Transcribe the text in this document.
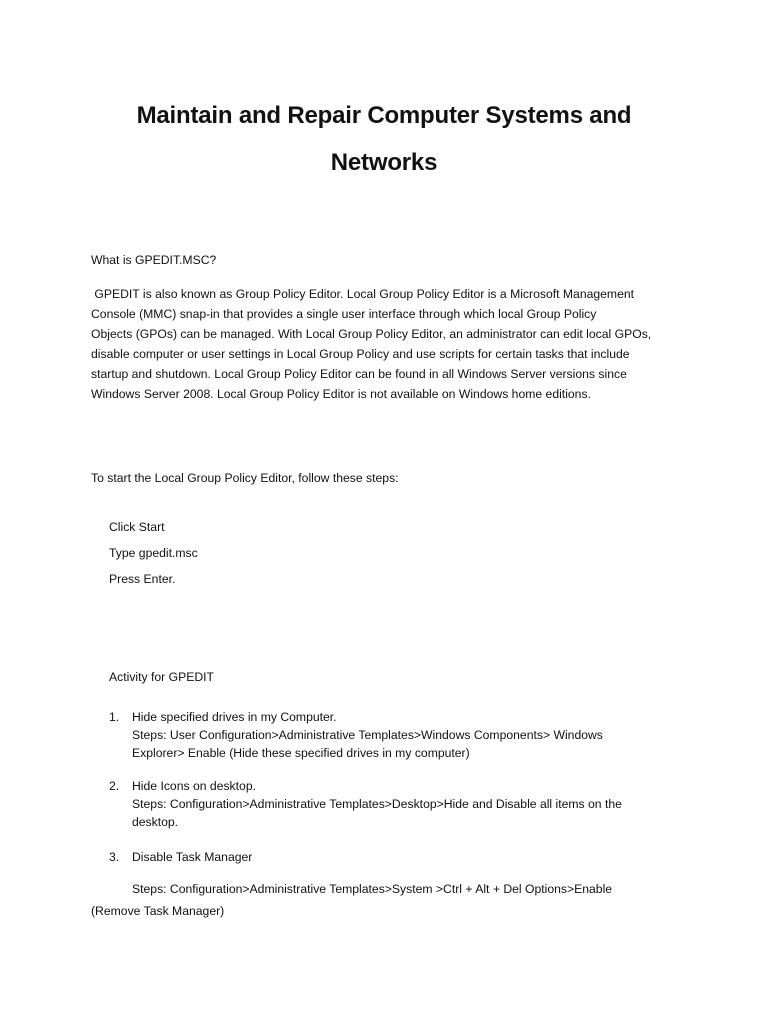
Maintain and Repair Computer Systems and
Networks
What is GPEDIT.MSC?
GPEDIT is also known as Group Policy Editor. Local Group Policy Editor is a Microsoft Management
Console (MMC) snap-in that provides a single user interface through which local Group Policy
Objects (GPOs) can be managed. With Local Group Policy Editor, an administrator can edit local GPOs,
disable computer or user settings in Local Group Policy and use scripts for certain tasks that include
startup and shutdown. Local Group Policy Editor can be found in all Windows Server versions since
Windows Server 2008. Local Group Policy Editor is not available on Windows home editions.
To start the Local Group Policy Editor, follow these steps:
Click Start
Type gpedit.msc
Press Enter.
Activity for GPEDIT
1. Hide specified drives in my Computer.
Steps: User Configuration>Administrative Templates>Windows Components> Windows
Explorer> Enable (Hide these specified drives in my computer)
2. Hide Icons on desktop.
Steps: Configuration>Administrative Templates>Desktop>Hide and Disable all items on the
desktop.
3. Disable Task Manager
Steps: Configuration>Administrative Templates>System >Ctrl + Alt + Del Options>Enable
(Remove Task Manager)
